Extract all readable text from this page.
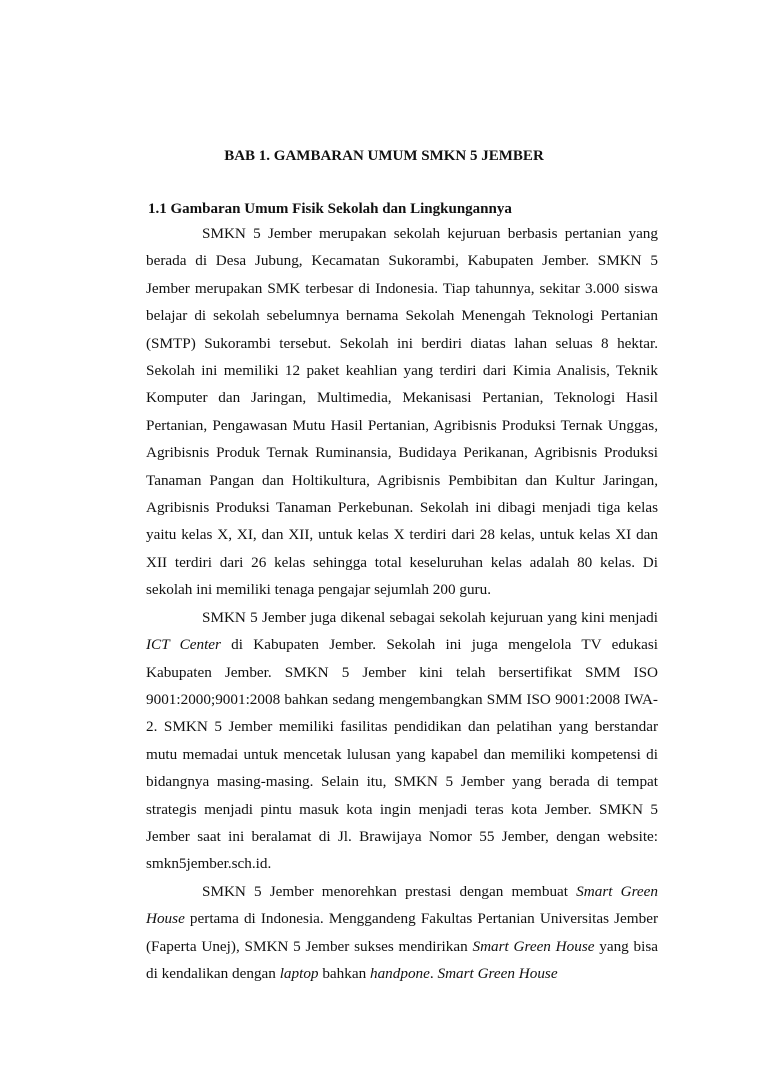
BAB 1. GAMBARAN UMUM SMKN 5 JEMBER
1.1 Gambaran Umum Fisik Sekolah dan Lingkungannya

SMKN 5 Jember merupakan sekolah kejuruan berbasis pertanian yang berada di Desa Jubung, Kecamatan Sukorambi, Kabupaten Jember. SMKN 5 Jember merupakan SMK terbesar di Indonesia. Tiap tahunnya, sekitar 3.000 siswa belajar di sekolah sebelumnya bernama Sekolah Menengah Teknologi Pertanian (SMTP) Sukorambi tersebut. Sekolah ini berdiri diatas lahan seluas 8 hektar. Sekolah ini memiliki 12 paket keahlian yang terdiri dari Kimia Analisis, Teknik Komputer dan Jaringan, Multimedia, Mekanisasi Pertanian, Teknologi Hasil Pertanian, Pengawasan Mutu Hasil Pertanian, Agribisnis Produksi Ternak Unggas, Agribisnis Produk Ternak Ruminansia, Budidaya Perikanan, Agribisnis Produksi Tanaman Pangan dan Holtikultura, Agribisnis Pembibitan dan Kultur Jaringan, Agribisnis Produksi Tanaman Perkebunan. Sekolah ini dibagi menjadi tiga kelas yaitu kelas X, XI, dan XII, untuk kelas X terdiri dari 28 kelas, untuk kelas XI dan XII terdiri dari 26 kelas sehingga total keseluruhan kelas adalah 80 kelas. Di sekolah ini memiliki tenaga pengajar sejumlah 200 guru.

SMKN 5 Jember juga dikenal sebagai sekolah kejuruan yang kini menjadi ICT Center di Kabupaten Jember. Sekolah ini juga mengelola TV edukasi Kabupaten Jember. SMKN 5 Jember kini telah bersertifikat SMM ISO 9001:2000;9001:2008 bahkan sedang mengembangkan SMM ISO 9001:2008 IWA-2. SMKN 5 Jember memiliki fasilitas pendidikan dan pelatihan yang berstandar mutu memadai untuk mencetak lulusan yang kapabel dan memiliki kompetensi di bidangnya masing-masing. Selain itu, SMKN 5 Jember yang berada di tempat strategis menjadi pintu masuk kota ingin menjadi teras kota Jember. SMKN 5 Jember saat ini beralamat di Jl. Brawijaya Nomor 55 Jember, dengan website: smkn5jember.sch.id.

SMKN 5 Jember menorehkan prestasi dengan membuat Smart Green House pertama di Indonesia. Menggandeng Fakultas Pertanian Universitas Jember (Faperta Unej), SMKN 5 Jember sukses mendirikan Smart Green House yang bisa di kendalikan dengan laptop bahkan handpone. Smart Green House
